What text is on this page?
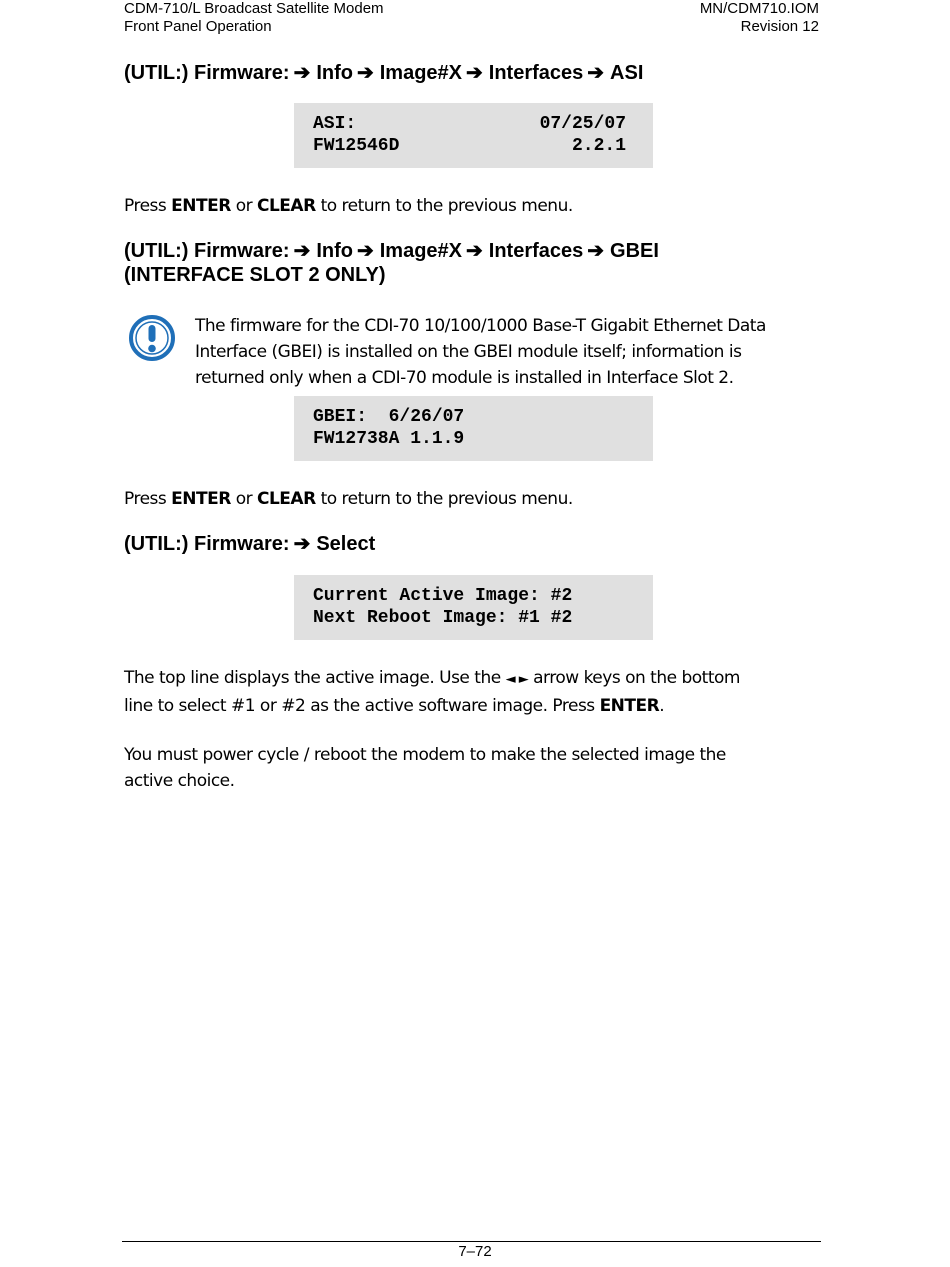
CDM-710/L Broadcast Satellite Modem
Front Panel Operation
MN/CDM710.IOM
Revision 12
(UTIL:) Firmware: ➔ Info ➔ Image#X ➔ Interfaces ➔ ASI
ASI:	07/25/07
FW12546D	2.2.1
Press ENTER or CLEAR to return to the previous menu.
(UTIL:) Firmware: ➔ Info ➔ Image#X ➔ Interfaces ➔ GBEI
(INTERFACE SLOT 2 ONLY)
The firmware for the CDI-70 10/100/1000 Base-T Gigabit Ethernet Data
Interface (GBEI) is installed on the GBEI module itself; information is
returned only when a CDI-70 module is installed in Interface Slot 2.
GBEI:  6/26/07
FW12738A 1.1.9
Press ENTER or CLEAR to return to the previous menu.
(UTIL:) Firmware: ➔ Select
Current Active Image: #2
Next Reboot Image: #1 #2
The top line displays the active image. Use the ◄ ► arrow keys on the bottom
line to select #1 or #2 as the active software image. Press ENTER.
You must power cycle / reboot the modem to make the selected image the
active choice.
7–72
